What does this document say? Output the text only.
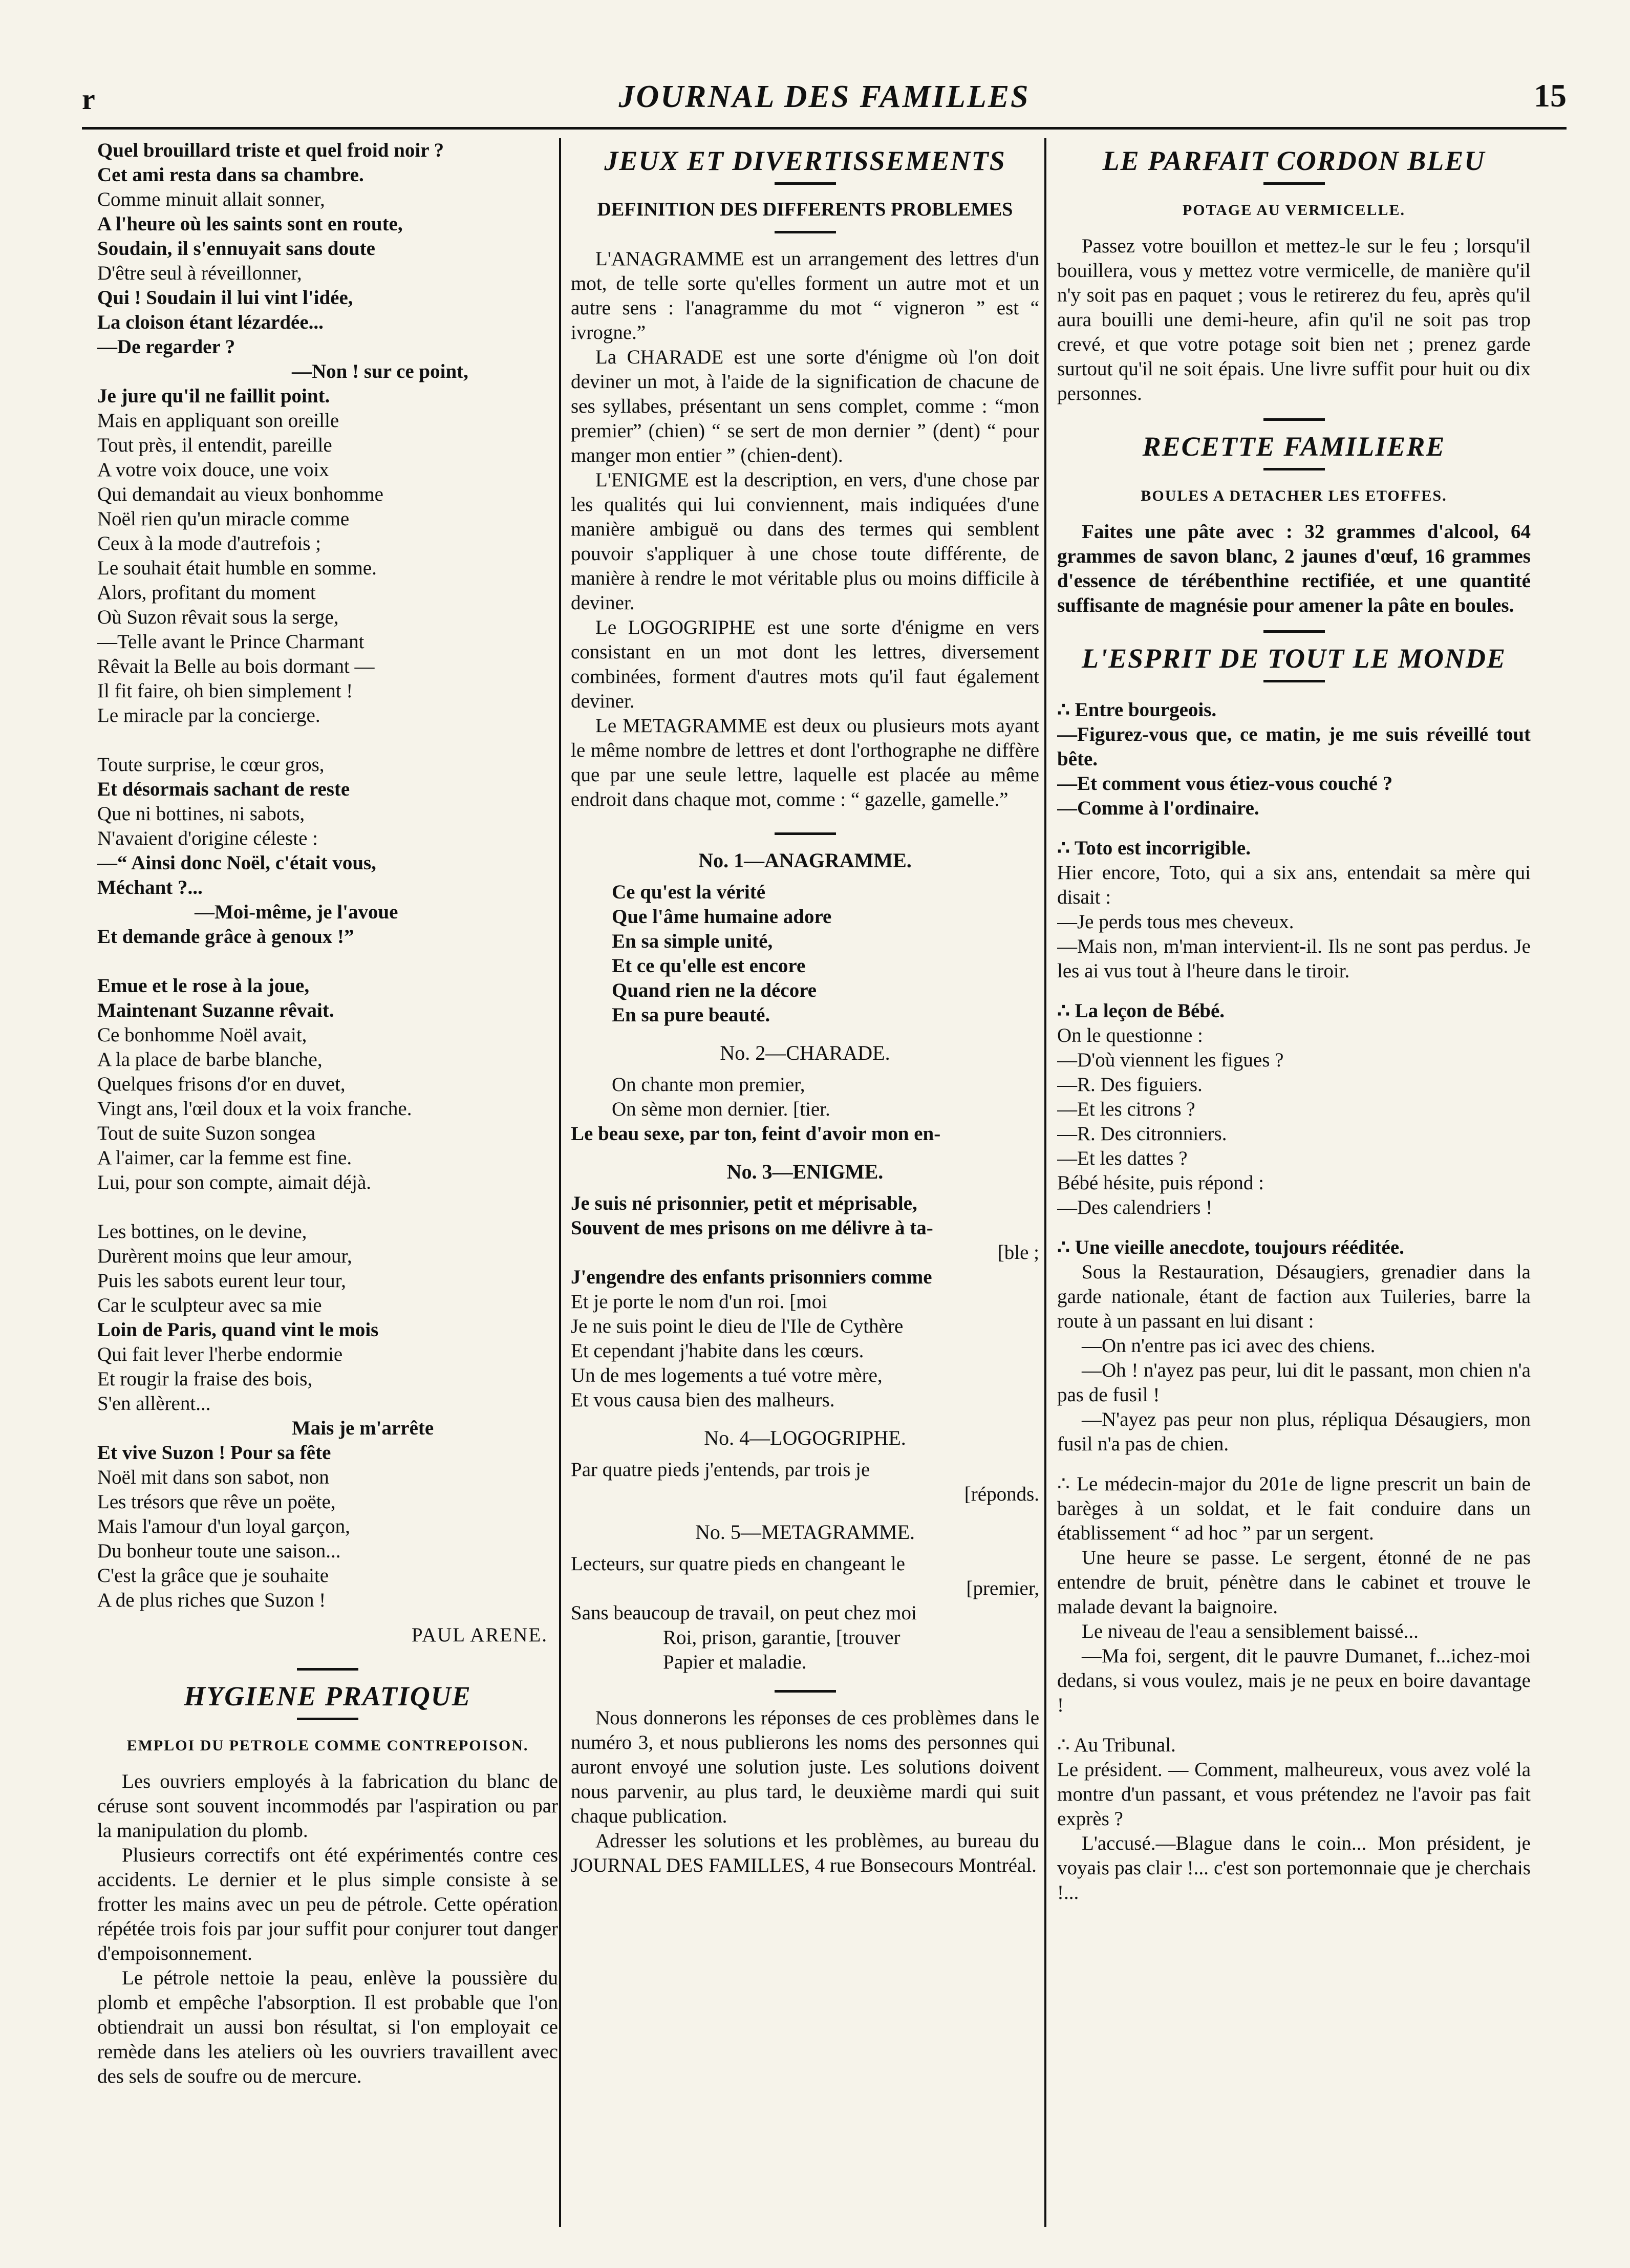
r	JOURNAL DES FAMILLES	15

Quel brouillard triste et quel froid noir ?

Cet ami resta dans sa chambre.

Comme minuit allait sonner,

A l'heure où les saints sont en route,

Soudain, il s'ennuyait sans doute

D'être seul à réveillonner,

Qui ! Soudain il lui vint l'idée,

La cloison étant lézardée...

—De regarder ?

—Non ! sur ce point,

Je jure qu'il ne faillit point.

Mais en appliquant son oreille

Tout près, il entendit, pareille

A votre voix douce, une voix

Qui demandait au vieux bonhomme

Noël rien qu'un miracle comme

Ceux à la mode d'autrefois ;

Le souhait était humble en somme.

Alors, profitant du moment

Où Suzon rêvait sous la serge,

—Telle avant le Prince Charmant

Rêvait la Belle au bois dormant —

Il fit faire, oh bien simplement !

Le miracle par la concierge.

Toute surprise, le cœur gros,

Et désormais sachant de reste

Que ni bottines, ni sabots,

N'avaient d'origine céleste :

—“ Ainsi donc Noël, c'était vous,

Méchant ?...

—Moi-même, je l'avoue

Et demande grâce à genoux !”

Emue et le rose à la joue,

Maintenant Suzanne rêvait.

Ce bonhomme Noël avait,

A la place de barbe blanche,

Quelques frisons d'or en duvet,

Vingt ans, l'œil doux et la voix franche.

Tout de suite Suzon songea

A l'aimer, car la femme est fine.

Lui, pour son compte, aimait déjà.

Les bottines, on le devine,

Durèrent moins que leur amour,

Puis les sabots eurent leur tour,

Car le sculpteur avec sa mie

Loin de Paris, quand vint le mois

Qui fait lever l'herbe endormie

Et rougir la fraise des bois,

S'en allèrent...

Mais je m'arrête

Et vive Suzon ! Pour sa fête

Noël mit dans son sabot, non

Les trésors que rêve un poëte,

Mais l'amour d'un loyal garçon,

Du bonheur toute une saison...

C'est la grâce que je souhaite

A de plus riches que Suzon !

PAUL ARENE.

HYGIENE PRATIQUE
EMPLOI DU PETROLE COMME CONTREPOISON.

Les ouvriers employés à la fabrication du blanc de céruse sont souvent incommodés par l'aspiration ou par la manipulation du plomb.

Plusieurs correctifs ont été expérimentés contre ces accidents. Le dernier et le plus simple consiste à se frotter les mains avec un peu de pétrole. Cette opération répétée trois fois par jour suffit pour conjurer tout danger d'empoisonnement.

Le pétrole nettoie la peau, enlève la poussière du plomb et empêche l'absorption. Il est probable que l'on obtiendrait un aussi bon résultat, si l'on employait ce remède dans les ateliers où les ouvriers travaillent avec des sels de soufre ou de mercure.

JEUX ET DIVERTISSEMENTS
DEFINITION DES DIFFERENTS PROBLEMES

L'ANAGRAMME est un arrangement des lettres d'un mot, de telle sorte qu'elles forment un autre mot et un autre sens : l'anagramme du mot “ vigneron ” est “ ivrogne.”

La CHARADE est une sorte d'énigme où l'on doit deviner un mot, à l'aide de la signification de chacune de ses syllabes, présentant un sens complet, comme : “mon premier” (chien) “ se sert de mon dernier ” (dent) “ pour manger mon entier ” (chien-dent).

L'ENIGME est la description, en vers, d'une chose par les qualités qui lui conviennent, mais indiquées d'une manière ambiguë ou dans des termes qui semblent pouvoir s'appliquer à une chose toute différente, de manière à rendre le mot véritable plus ou moins difficile à deviner.

Le LOGOGRIPHE est une sorte d'énigme en vers consistant en un mot dont les lettres, diversement combinées, forment d'autres mots qu'il faut également deviner.

Le METAGRAMME est deux ou plusieurs mots ayant le même nombre de lettres et dont l'orthographe ne diffère que par une seule lettre, laquelle est placée au même endroit dans chaque mot, comme : “ gazelle, gamelle.”

No. 1—ANAGRAMME.

Ce qu'est la vérité

Que l'âme humaine adore

En sa simple unité,

Et ce qu'elle est encore

Quand rien ne la décore

En sa pure beauté.

No. 2—CHARADE.

On chante mon premier,

On sème mon dernier. [tier.

Le beau sexe, par ton, feint d'avoir mon en-

No. 3—ENIGME.

Je suis né prisonnier, petit et méprisable,

Souvent de mes prisons on me délivre à ta-

[ble ;

J'engendre des enfants prisonniers comme

Et je porte le nom d'un roi. [moi

Je ne suis point le dieu de l'Ile de Cythère

Et cependant j'habite dans les cœurs.

Un de mes logements a tué votre mère,

Et vous causa bien des malheurs.

No. 4—LOGOGRIPHE.

Par quatre pieds j'entends, par trois je

[réponds.

No. 5—METAGRAMME.

Lecteurs, sur quatre pieds en changeant le

[premier,

Sans beaucoup de travail, on peut chez moi

Roi, prison, garantie, [trouver

Papier et maladie.

Nous donnerons les réponses de ces problèmes dans le numéro 3, et nous publierons les noms des personnes qui auront envoyé une solution juste. Les solutions doivent nous parvenir, au plus tard, le deuxième mardi qui suit chaque publication.

Adresser les solutions et les problèmes, au bureau du JOURNAL DES FAMILLES, 4 rue Bonsecours Montréal.

LE PARFAIT CORDON BLEU
POTAGE AU VERMICELLE.

Passez votre bouillon et mettez-le sur le feu ; lorsqu'il bouillera, vous y mettez votre vermicelle, de manière qu'il n'y soit pas en paquet ; vous le retirerez du feu, après qu'il aura bouilli une demi-heure, afin qu'il ne soit pas trop crevé, et que votre potage soit bien net ; prenez garde surtout qu'il ne soit épais. Une livre suffit pour huit ou dix personnes.

RECETTE FAMILIERE
BOULES A DETACHER LES ETOFFES.

Faites une pâte avec : 32 grammes d'alcool, 64 grammes de savon blanc, 2 jaunes d'œuf, 16 grammes d'essence de térébenthine rectifiée, et une quantité suffisante de magnésie pour amener la pâte en boules.

L'ESPRIT DE TOUT LE MONDE

∴ Entre bourgeois.

—Figurez-vous que, ce matin, je me suis réveillé tout bête.

—Et comment vous étiez-vous couché ?

—Comme à l'ordinaire.

∴ Toto est incorrigible.

Hier encore, Toto, qui a six ans, entendait sa mère qui disait :

—Je perds tous mes cheveux.

—Mais non, m'man intervient-il. Ils ne sont pas perdus. Je les ai vus tout à l'heure dans le tiroir.

∴ La leçon de Bébé.

On le questionne :

—D'où viennent les figues ?

—R. Des figuiers.

—Et les citrons ?

—R. Des citronniers.

—Et les dattes ?

Bébé hésite, puis répond :

—Des calendriers !

∴ Une vieille anecdote, toujours rééditée.

Sous la Restauration, Désaugiers, grenadier dans la garde nationale, étant de faction aux Tuileries, barre la route à un passant en lui disant :

—On n'entre pas ici avec des chiens.

—Oh ! n'ayez pas peur, lui dit le passant, mon chien n'a pas de fusil !

—N'ayez pas peur non plus, répliqua Désaugiers, mon fusil n'a pas de chien.

∴ Le médecin-major du 201e de ligne prescrit un bain de barèges à un soldat, et le fait conduire dans un établissement “ ad hoc ” par un sergent.

Une heure se passe. Le sergent, étonné de ne pas entendre de bruit, pénètre dans le cabinet et trouve le malade devant la baignoire.

Le niveau de l'eau a sensiblement baissé...

—Ma foi, sergent, dit le pauvre Dumanet, f...ichez-moi dedans, si vous voulez, mais je ne peux en boire davantage !

∴ Au Tribunal.

Le président. — Comment, malheureux, vous avez volé la montre d'un passant, et vous prétendez ne l'avoir pas fait exprès ?

L'accusé.—Blague dans le coin... Mon président, je voyais pas clair !... c'est son portemonnaie que je cherchais !...
